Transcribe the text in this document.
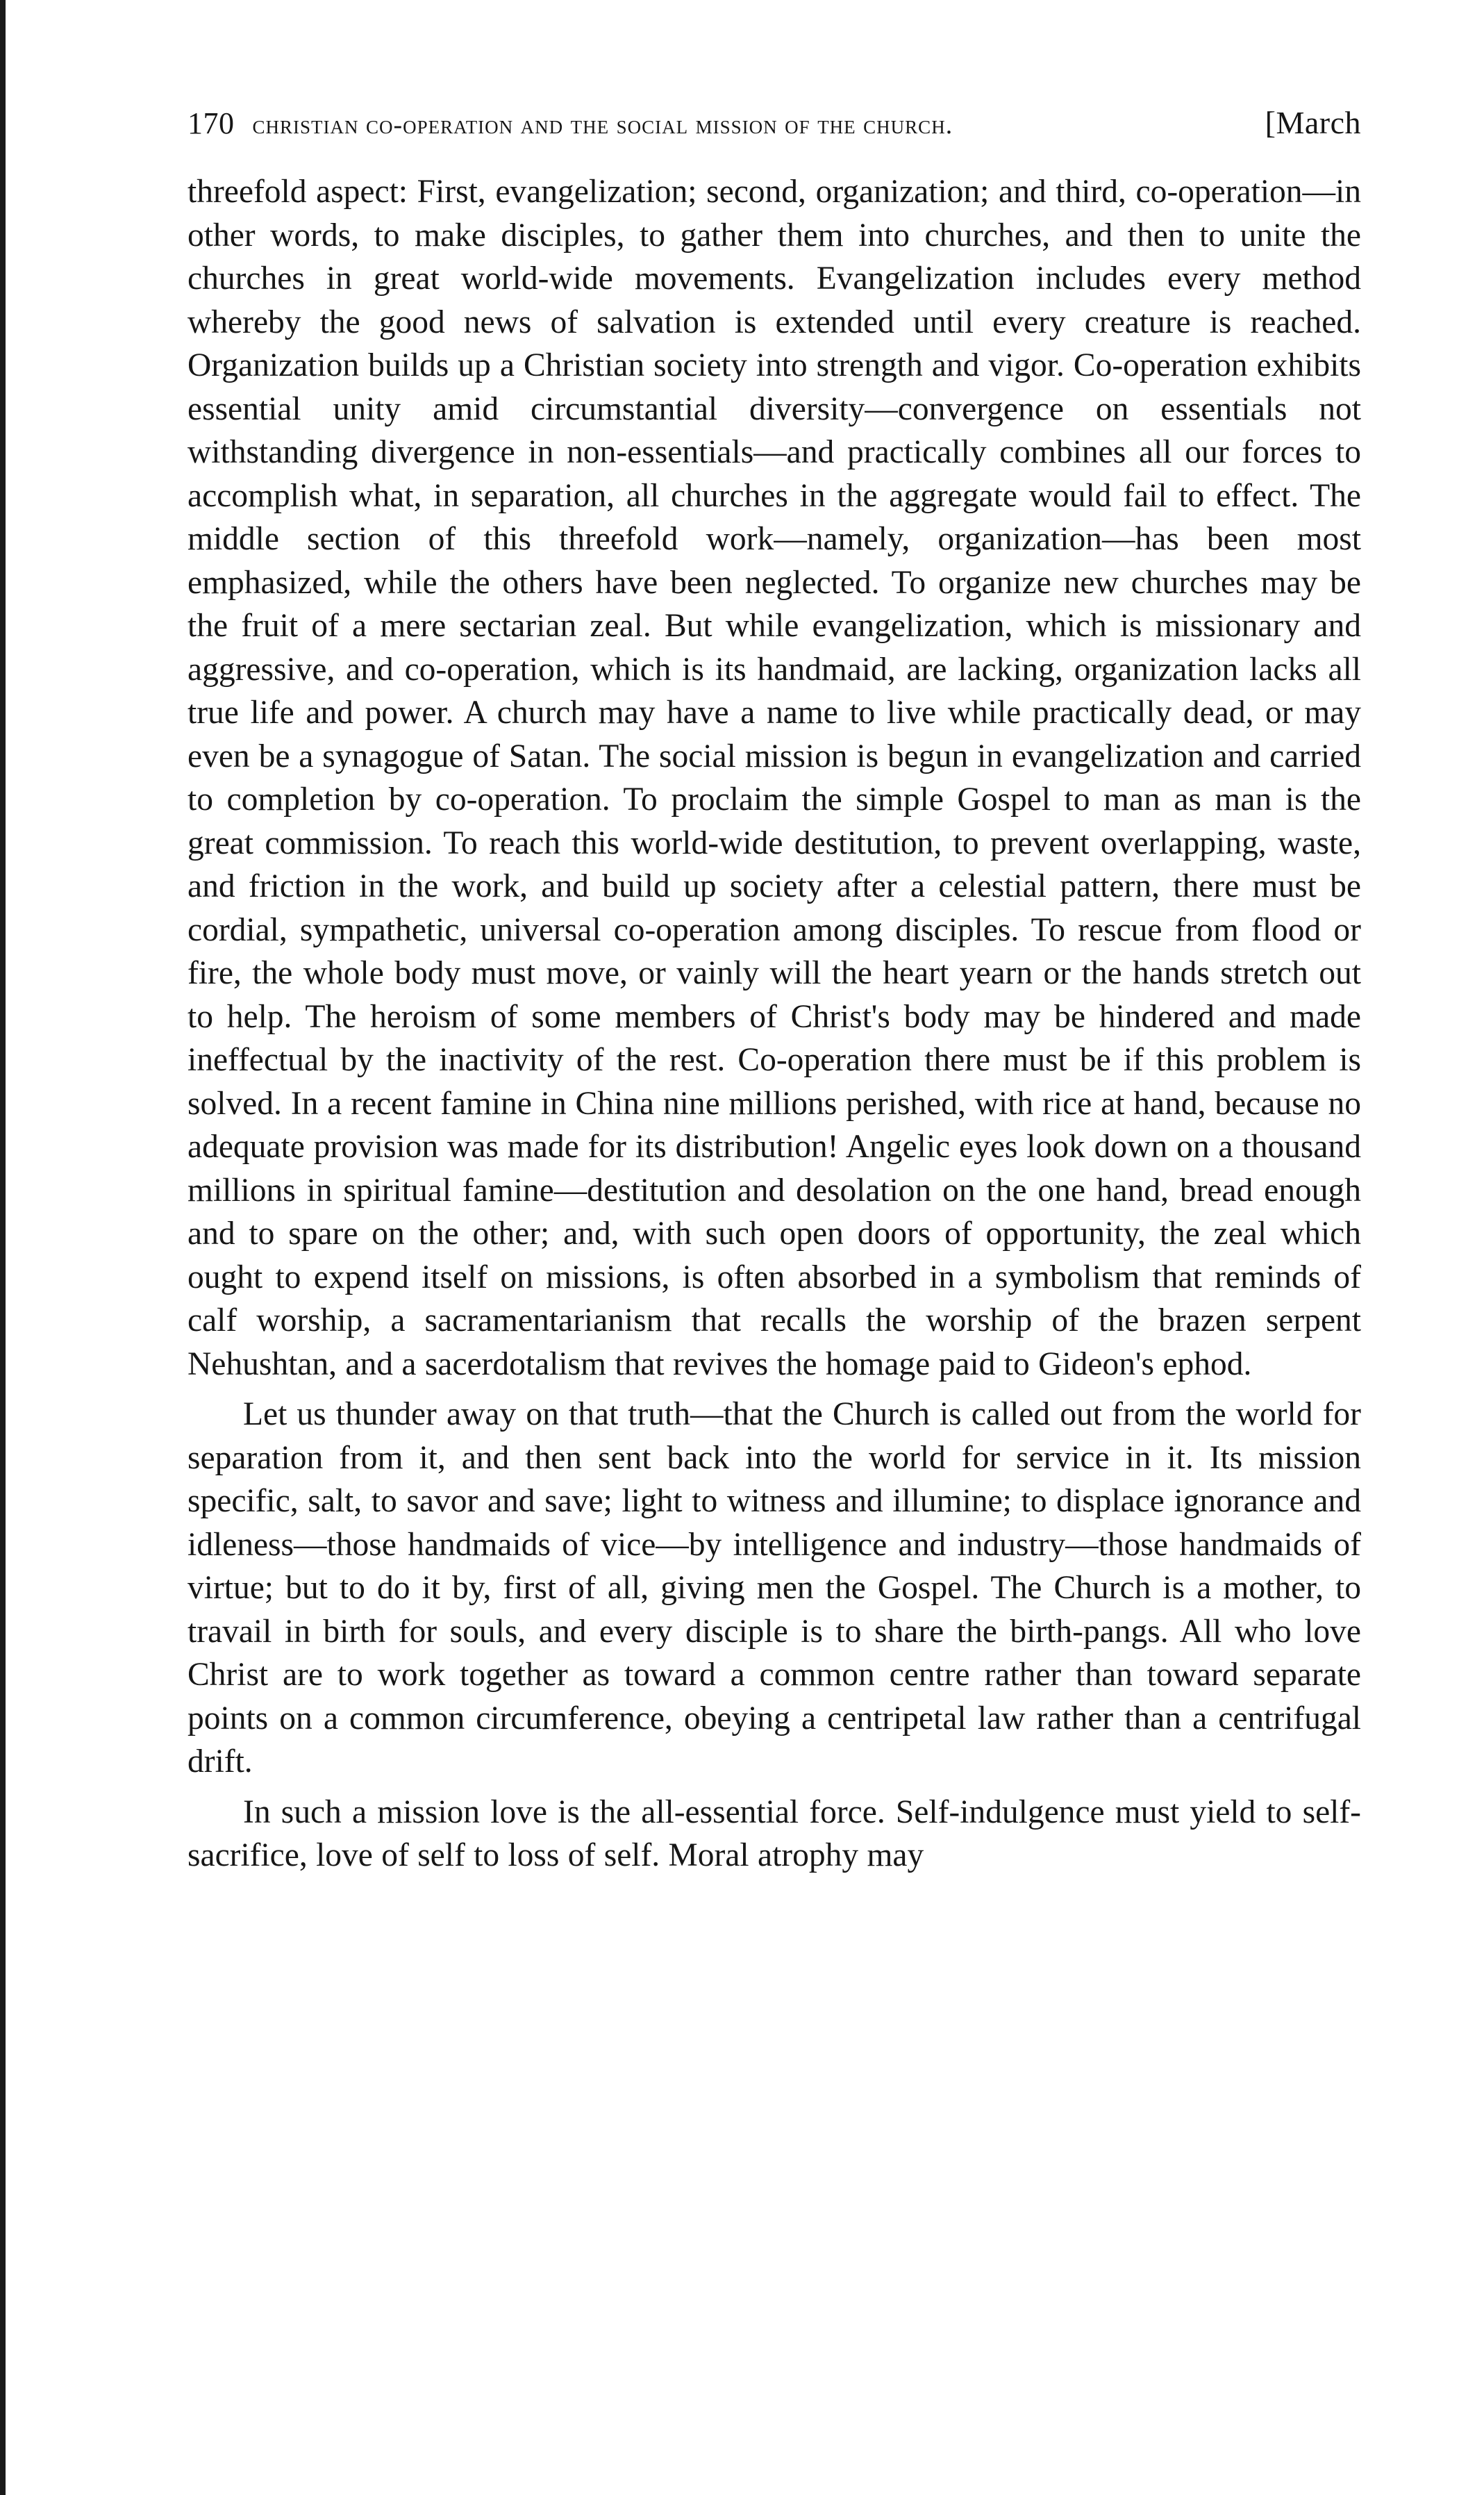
170 christian co-operation and the social mission of the church.	[March

threefold aspect: First, evangelization; second, organization; and third, co-operation—in other words, to make disciples, to gather them into churches, and then to unite the churches in great world-wide movements. Evangelization includes every method whereby the good news of salvation is extended until every creature is reached. Organization builds up a Christian society into strength and vigor. Co-operation exhibits essential unity amid circumstantial diversity—convergence on essentials not withstanding divergence in non-essentials—and practically combines all our forces to accomplish what, in separation, all churches in the aggregate would fail to effect. The middle section of this threefold work—namely, organization—has been most emphasized, while the others have been neglected. To organize new churches may be the fruit of a mere sectarian zeal. But while evangelization, which is missionary and aggressive, and co-operation, which is its handmaid, are lacking, organization lacks all true life and power. A church may have a name to live while practically dead, or may even be a synagogue of Satan. The social mission is begun in evangelization and carried to completion by co-operation. To proclaim the simple Gospel to man as man is the great commission. To reach this world-wide destitution, to prevent overlapping, waste, and friction in the work, and build up society after a celestial pattern, there must be cordial, sympathetic, universal co-operation among disciples. To rescue from flood or fire, the whole body must move, or vainly will the heart yearn or the hands stretch out to help. The heroism of some members of Christ's body may be hindered and made ineffectual by the inactivity of the rest. Co-operation there must be if this problem is solved. In a recent famine in China nine millions perished, with rice at hand, because no adequate provision was made for its distribution! Angelic eyes look down on a thousand millions in spiritual famine—destitution and desolation on the one hand, bread enough and to spare on the other; and, with such open doors of opportunity, the zeal which ought to expend itself on missions, is often absorbed in a symbolism that reminds of calf worship, a sacramentarianism that recalls the worship of the brazen serpent Nehushtan, and a sacerdotalism that revives the homage paid to Gideon's ephod.

Let us thunder away on that truth—that the Church is called out from the world for separation from it, and then sent back into the world for service in it. Its mission specific, salt, to savor and save; light to witness and illumine; to displace ignorance and idleness—those handmaids of vice—by intelligence and industry—those handmaids of virtue; but to do it by, first of all, giving men the Gospel. The Church is a mother, to travail in birth for souls, and every disciple is to share the birth-pangs. All who love Christ are to work together as toward a common centre rather than toward separate points on a common circumference, obeying a centripetal law rather than a centrifugal drift.

In such a mission love is the all-essential force. Self-indulgence must yield to self-sacrifice, love of self to loss of self. Moral atrophy may
